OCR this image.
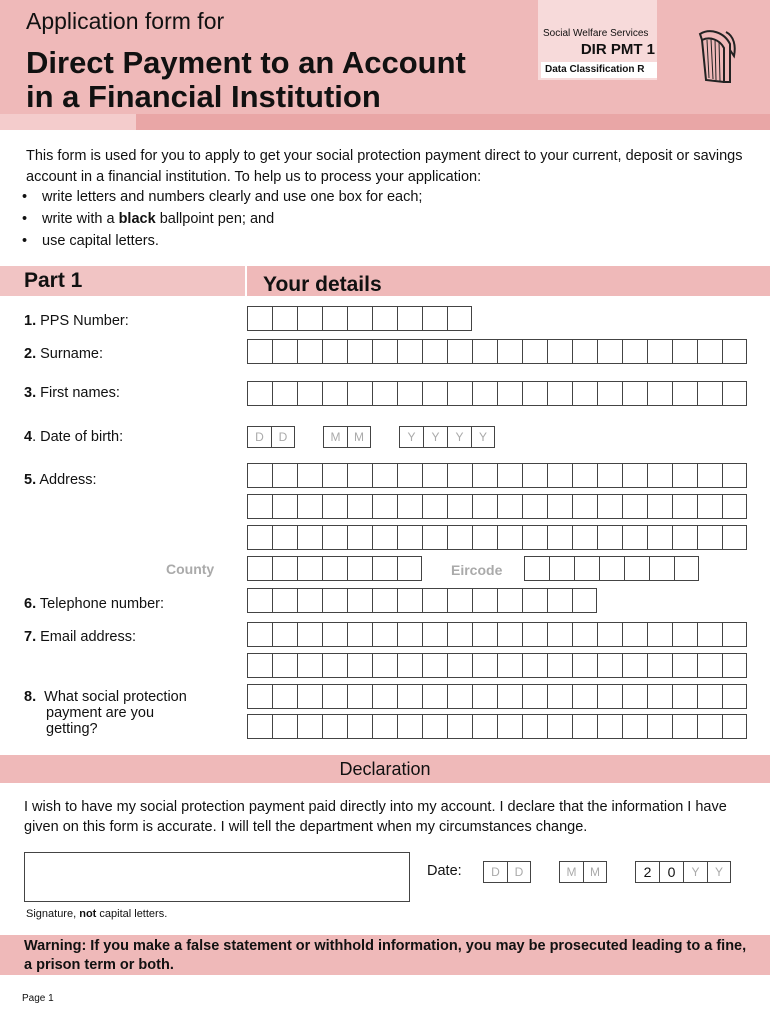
Application form for
Direct Payment to an Account
in a Financial Institution
Social Welfare Services
DIR PMT 1
Data Classification R
This form is used for you to apply to get your social protection payment direct to your current, deposit or savings account in a financial institution. To help us to process your application:
• write letters and numbers clearly and use one box for each;
• write with a black ballpoint pen; and
• use capital letters.
Part 1	Your details
1. PPS Number:
2. Surname:
3. First names:
4. Date of birth:	D	D	M	M	Y	Y	Y	Y
5. Address:
County	Eircode
6. Telephone number:
7. Email address:
8. What social protection
payment are you
getting?
Declaration
I wish to have my social protection payment paid directly into my account. I declare that the information I have given on this form is accurate. I will tell the department when my circumstances change.
Signature, not capital letters.
Date:	D	D	M	M	2	0	Y	Y
Warning: If you make a false statement or withhold information, you may be prosecuted leading to a fine, a prison term or both.
Page 1
